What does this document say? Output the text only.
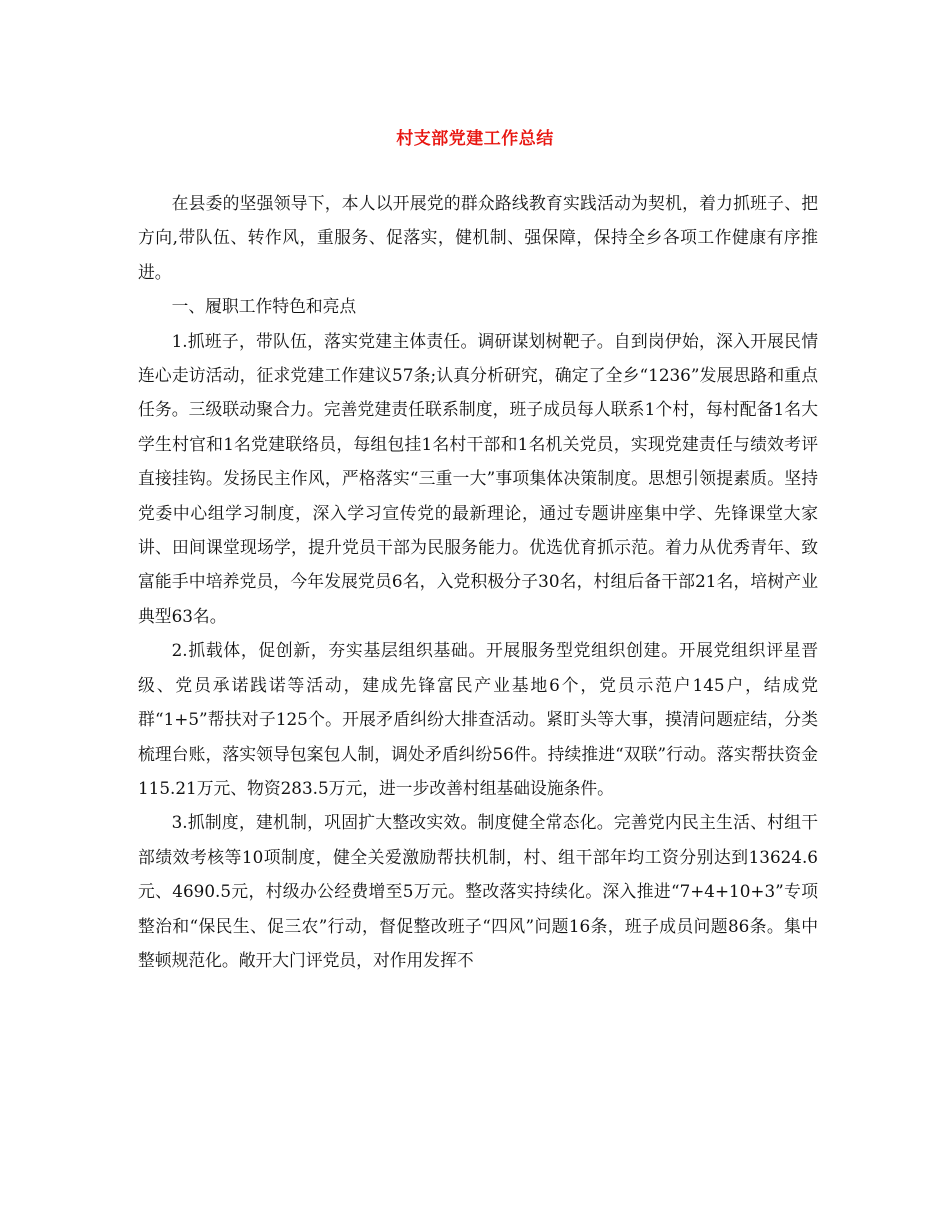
村支部党建工作总结

在县委的坚强领导下，本人以开展党的群众路线教育实践活动为契机，着力抓班子、把方向,带队伍、转作风，重服务、促落实，健机制、强保障，保持全乡各项工作健康有序推进。

一、履职工作特色和亮点

1.抓班子，带队伍，落实党建主体责任。调研谋划树靶子。自到岗伊始，深入开展民情连心走访活动，征求党建工作建议57条;认真分析研究，确定了全乡“1236”发展思路和重点任务。三级联动聚合力。完善党建责任联系制度，班子成员每人联系1个村，每村配备1名大学生村官和1名党建联络员，每组包挂1名村干部和1名机关党员，实现党建责任与绩效考评直接挂钩。发扬民主作风，严格落实“三重一大”事项集体决策制度。思想引领提素质。坚持党委中心组学习制度，深入学习宣传党的最新理论，通过专题讲座集中学、先锋课堂大家讲、田间课堂现场学，提升党员干部为民服务能力。优选优育抓示范。着力从优秀青年、致富能手中培养党员，今年发展党员6名，入党积极分子30名，村组后备干部21名，培树产业典型63名。

2.抓载体，促创新，夯实基层组织基础。开展服务型党组织创建。开展党组织评星晋级、党员承诺践诺等活动，建成先锋富民产业基地6个，党员示范户145户，结成党群“1+5”帮扶对子125个。开展矛盾纠纷大排查活动。紧盯头等大事，摸清问题症结，分类梳理台账，落实领导包案包人制，调处矛盾纠纷56件。持续推进“双联”行动。落实帮扶资金115.21万元、物资283.5万元，进一步改善村组基础设施条件。

3.抓制度，建机制，巩固扩大整改实效。制度健全常态化。完善党内民主生活、村组干部绩效考核等10项制度，健全关爱激励帮扶机制，村、组干部年均工资分别达到13624.6元、4690.5元，村级办公经费增至5万元。整改落实持续化。深入推进“7+4+10+3”专项整治和“保民生、促三农”行动，督促整改班子“四风”问题16条，班子成员问题86条。集中整顿规范化。敞开大门评党员，对作用发挥不
